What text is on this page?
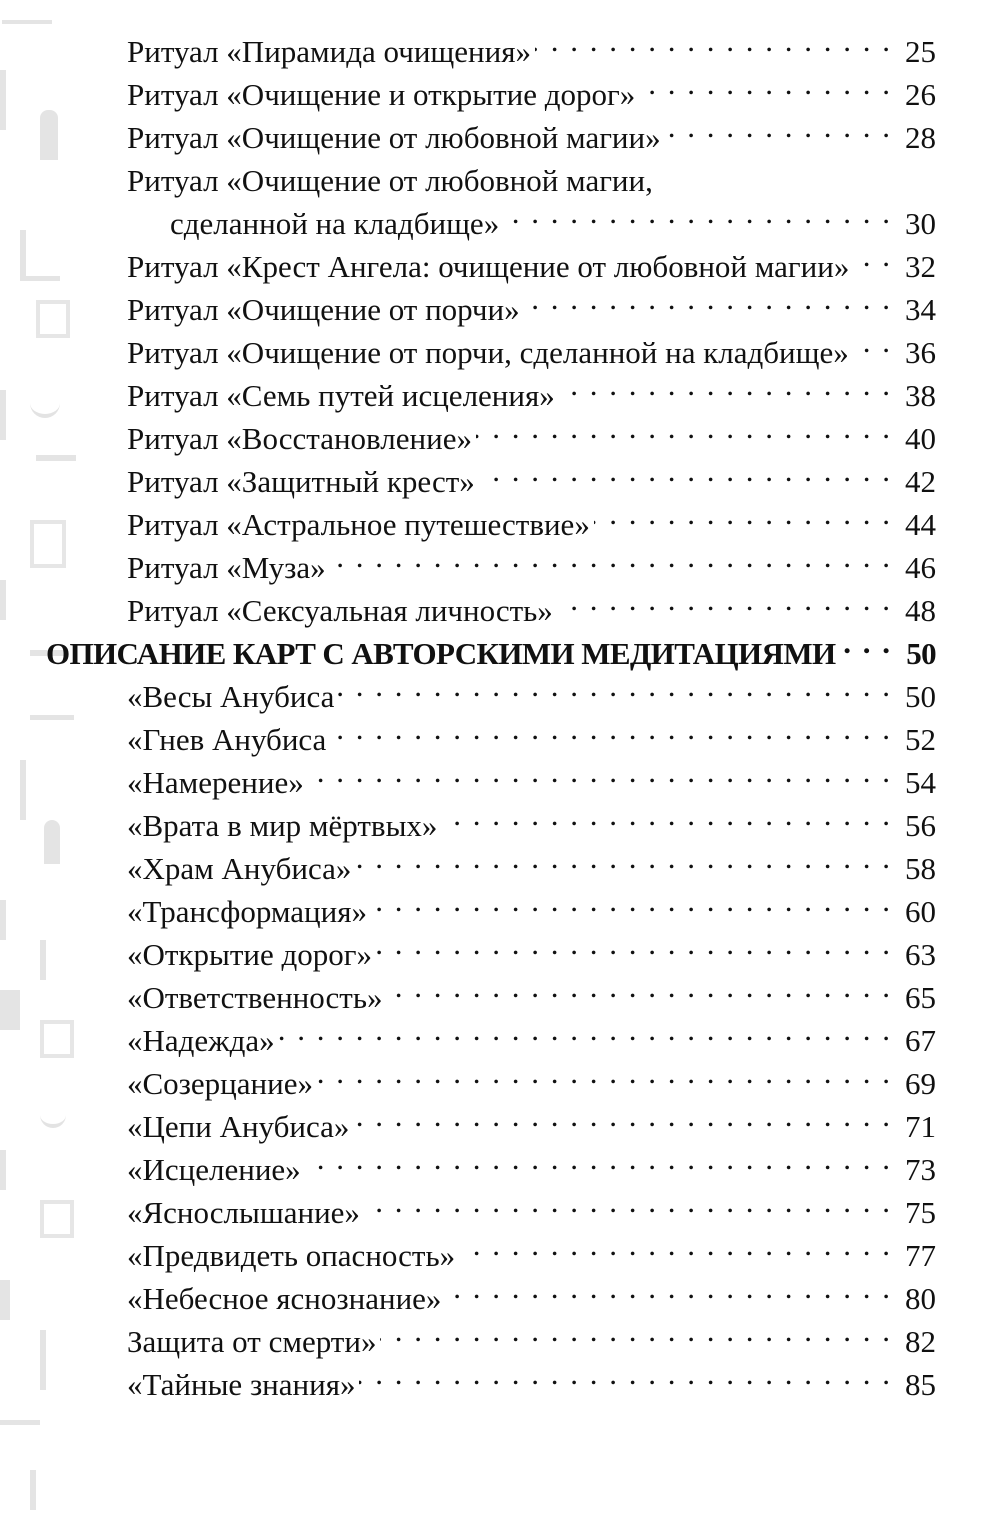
Ритуал «Пирамида очищения» . . .	25
Ритуал «Очищение и открытие дорог» . . .	26
Ритуал «Очищение от любовной магии» . . .	28
Ритуал «Очищение от любовной магии,
сделанной на кладбище» . . .	30
Ритуал «Крест Ангела: очищение от любовной магии» . . . 32
Ритуал «Очищение от порчи» . . .	34
Ритуал «Очищение от порчи, сделанной на кладбище» . . . 36
Ритуал «Семь путей исцеления» . . .	38
Ритуал «Восстановление» . . .	40
Ритуал «Защитный крест» . . .	42
Ритуал «Астральное путешествие» . . .	44
Ритуал «Муза» . . .	46
Ритуал «Сексуальная личность» . . .	48
ОПИСАНИЕ КАРТ С АВТОРСКИМИ МЕДИТАЦИЯМИ . . .	50
«Весы Анубиса . . .	50
«Гнев Анубиса . . .	52
«Намерение» . . .	54
«Врата в мир мёртвых» . . .	56
«Храм Анубиса» . . .	58
«Трансформация» . . .	60
«Открытие дорог» . . .	63
«Ответственность» . . .	65
«Надежда» . . .	67
«Созерцание» . . .	69
«Цепи Анубиса» . . .	71
«Исцеление» . . .	73
«Яснослышание» . . .	75
«Предвидеть опасность» . . .	77
«Небесное яснознание» . . .	80
Защита от смерти» . . .	82
«Тайные знания» . . .	85
